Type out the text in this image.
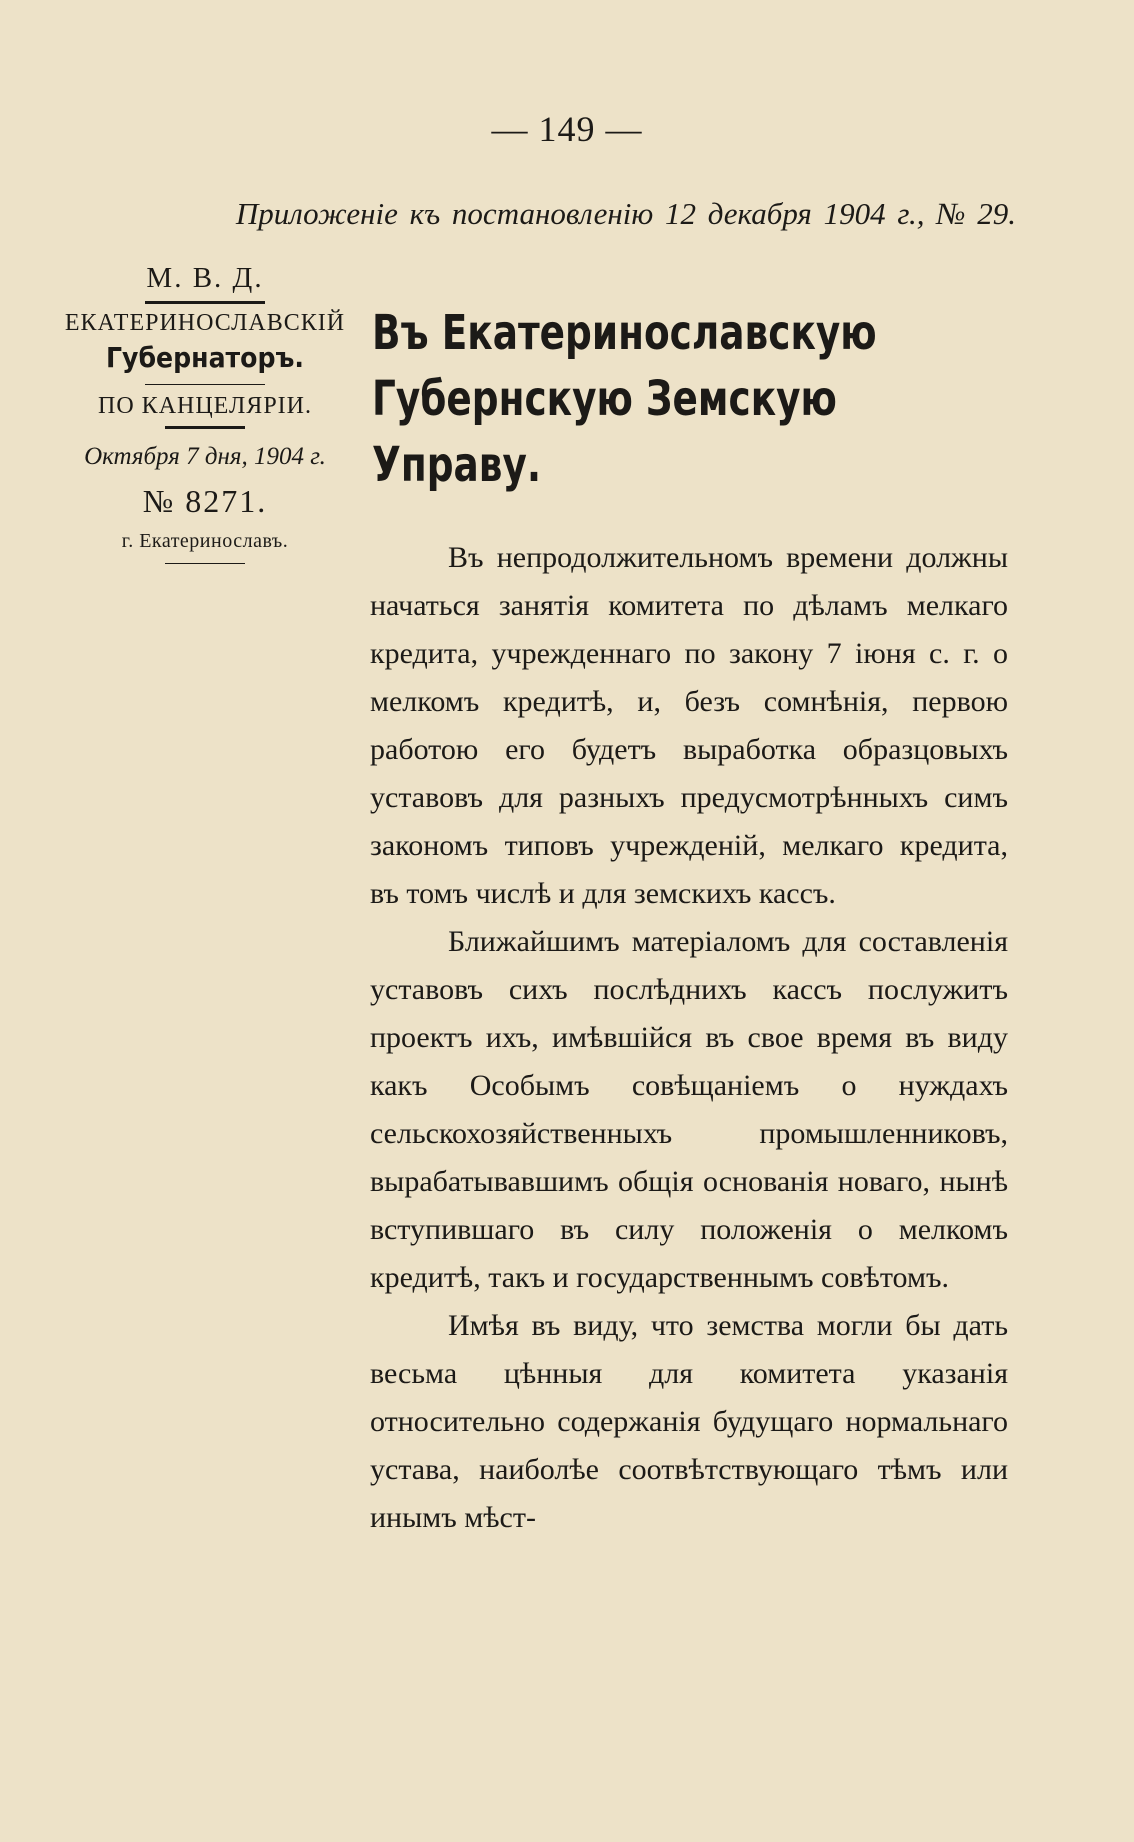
— 149 —
Приложеніе къ постановленію 12 декабря 1904 г., № 29.
М. В. Д.
ЕКАТЕРИНОСЛАВСКІЙ
Губернаторъ.
ПО КАНЦЕЛЯРІИ.
Октября 7 дня, 1904 г.
№ 8271.
г. Екатеринославъ.
Въ Екатеринославскую Губернскую Земскую Управу.

Въ непродолжительномъ времени должны начаться занятія комитета по дѣламъ мелкаго кредита, учрежденнаго по закону 7 іюня с. г. о мелкомъ кредитѣ, и, безъ сомнѣнія, первою работою его будетъ выработка образцовыхъ уставовъ для разныхъ предусмотрѣнныхъ симъ закономъ типовъ учрежденій, мелкаго кредита, въ томъ числѣ и для земскихъ кассъ.

Ближайшимъ матеріаломъ для составленія уставовъ сихъ послѣднихъ кассъ послужитъ проектъ ихъ, имѣвшійся въ свое время въ виду какъ Особымъ совѣщаніемъ о нуждахъ сельскохозяйственныхъ промышленниковъ, вырабатывавшимъ общія основанія новаго, нынѣ вступившаго въ силу положенія о мелкомъ кредитѣ, такъ и государственнымъ совѣтомъ.

Имѣя въ виду, что земства могли бы дать весьма цѣнныя для комитета указанія относительно содержанія будущаго нормальнаго устава, наиболѣе соотвѣтствующаго тѣмъ или инымъ мѣст-
